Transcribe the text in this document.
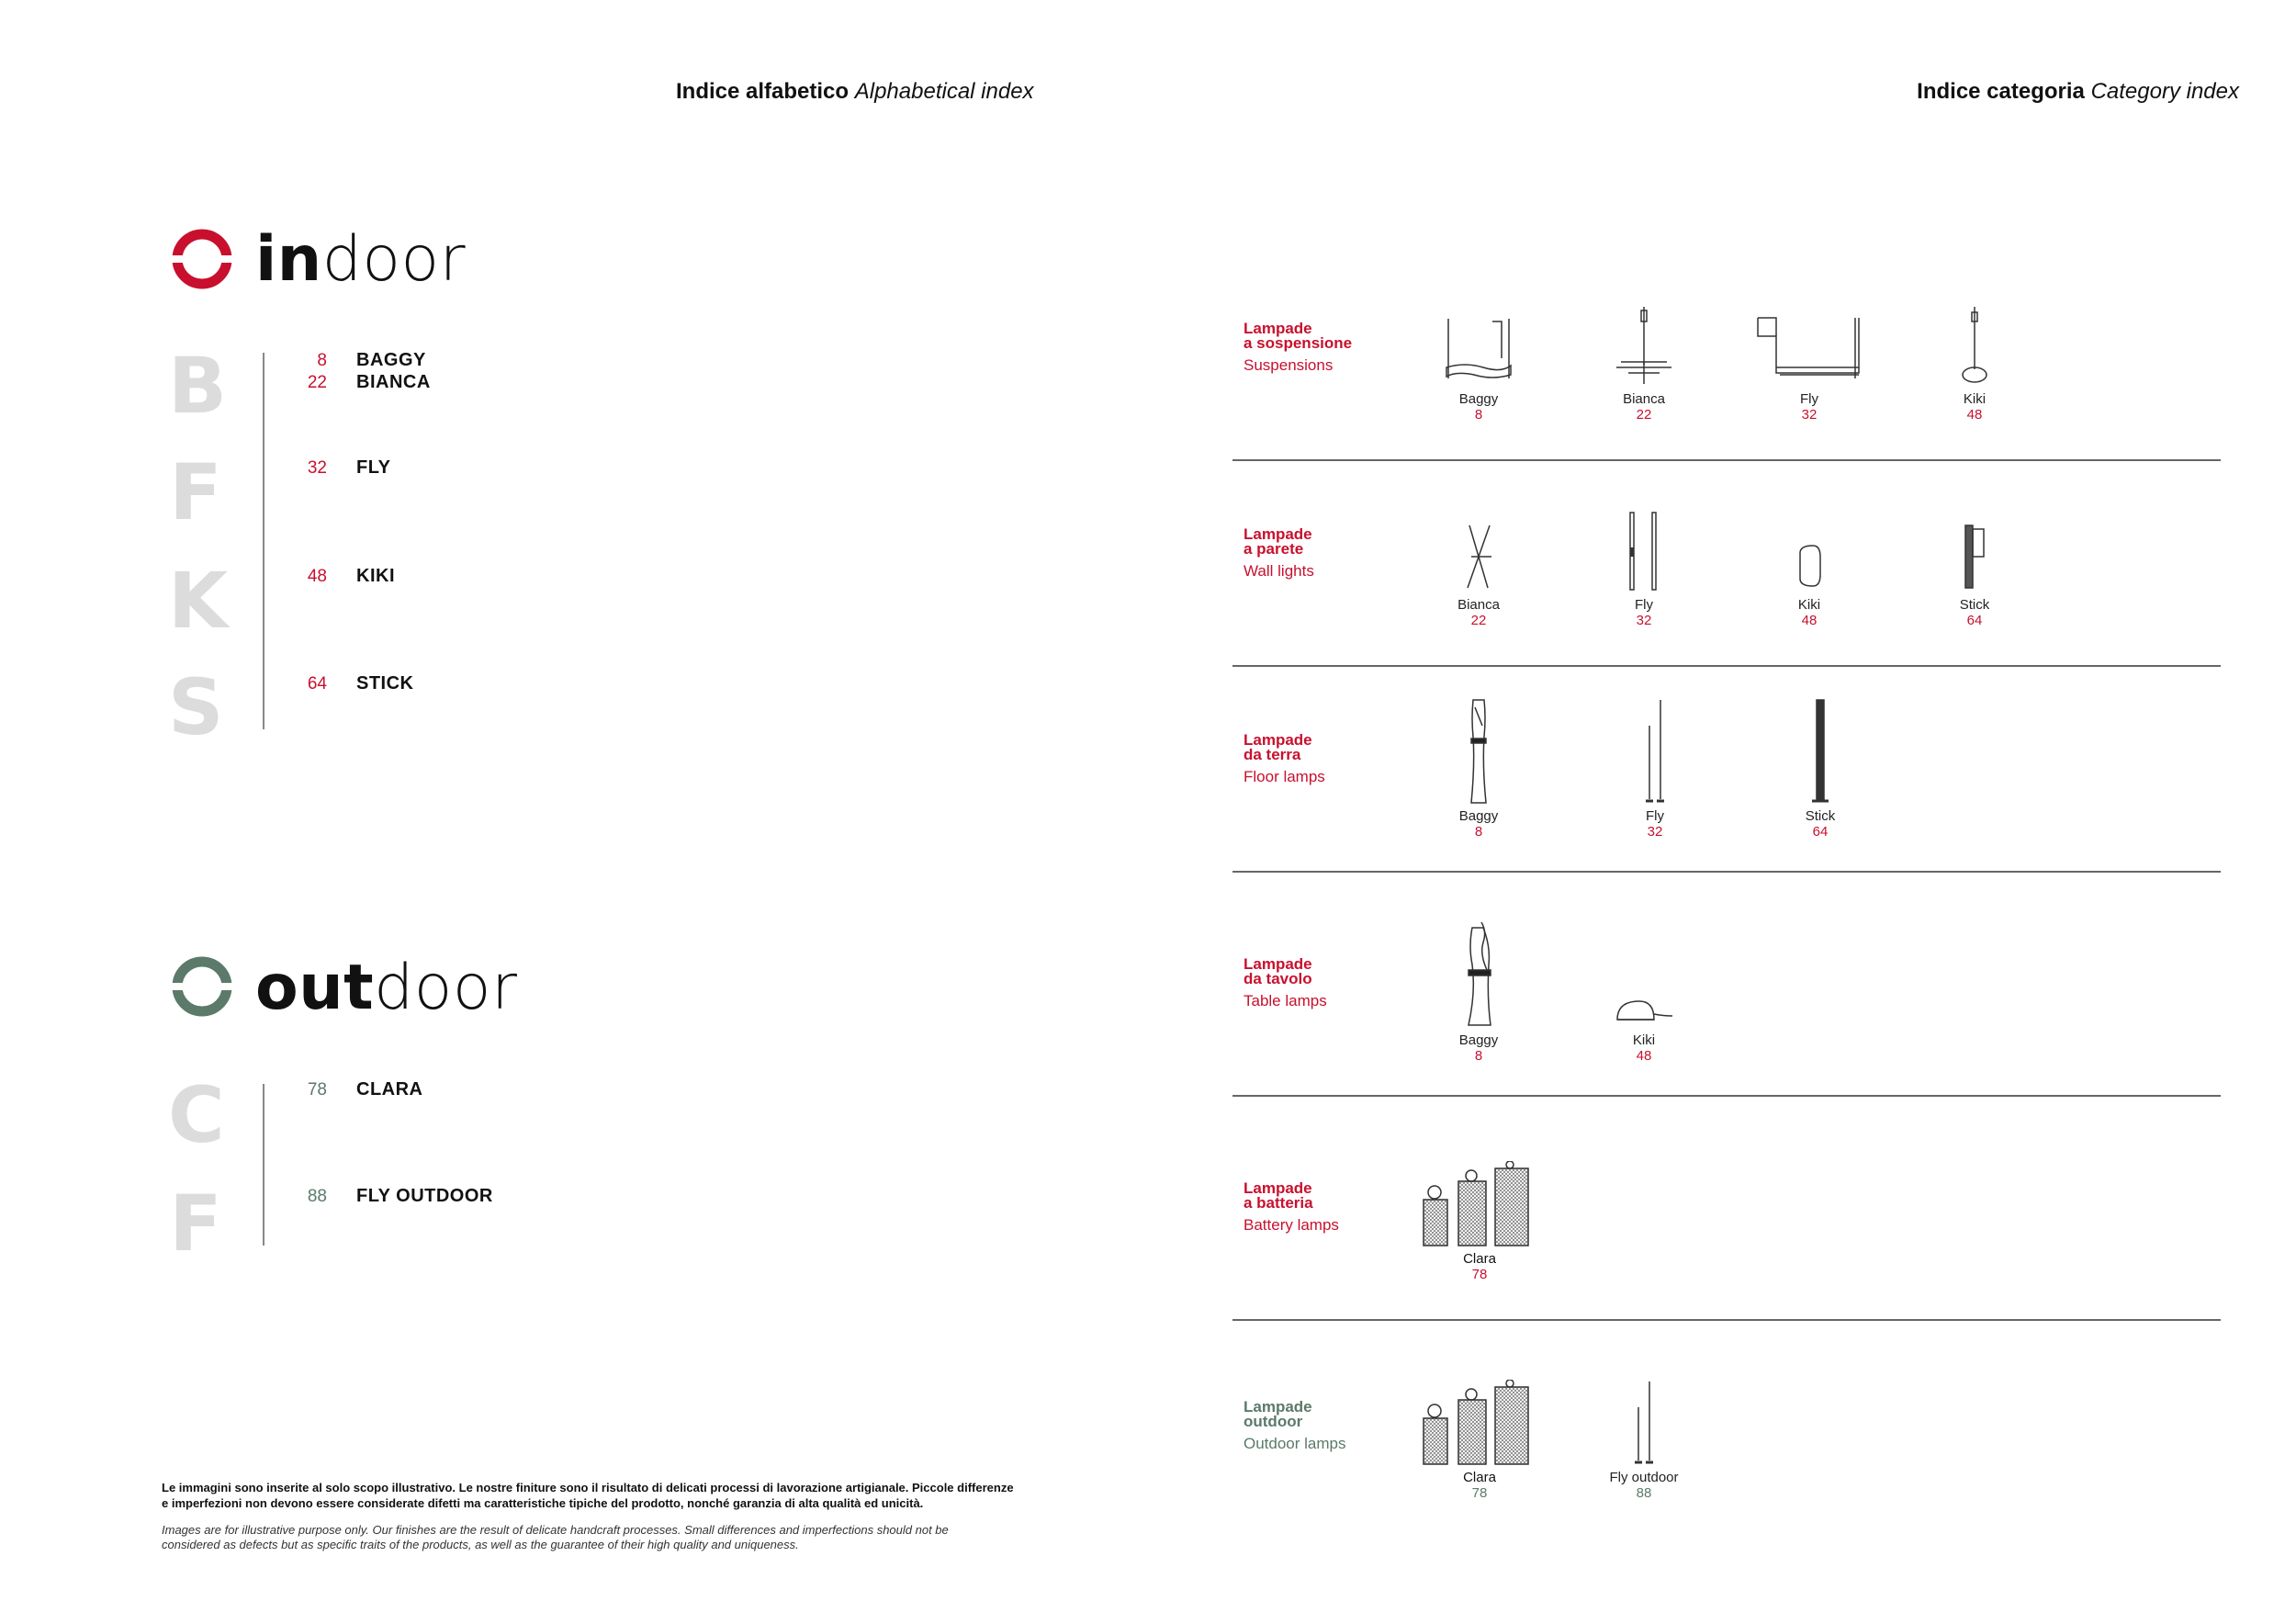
Indice alfabetico Alphabetical index	Indice categoria Category index
indoor
B
F
K
S
8 BAGGY
22 BIANCA
32 FLY
48 KIKI
64 STICK
outdoor
C
F
78 CLARA
88 FLY OUTDOOR
Le immagini sono inserite al solo scopo illustrativo. Le nostre finiture sono il risultato di delicati processi di lavorazione artigianale. Piccole differenze
e imperfezioni non devono essere considerate difetti ma caratteristiche tipiche del prodotto, nonché garanzia di alta qualità ed unicità.
Images are for illustrative purpose only. Our finishes are the result of delicate handcraft processes. Small differences and imperfections should not be
considered as defects but as specific traits of the products, as well as the guarantee of their high quality and uniqueness.
Lampade
a sospensione
Suspensions
Baggy
8
Bianca
22
Fly
32
Kiki
48
Lampade
a parete
Wall lights
Bianca
22
Fly
32
Kiki
48
Stick
64
Lampade
da terra
Floor lamps
Baggy
8
Fly
32
Stick
64
Lampade
da tavolo
Table lamps
Baggy
8
Kiki
48
Lampade
a batteria
Battery lamps
Clara
78
Lampade
outdoor
Outdoor lamps
Clara
78
Fly outdoor
88
